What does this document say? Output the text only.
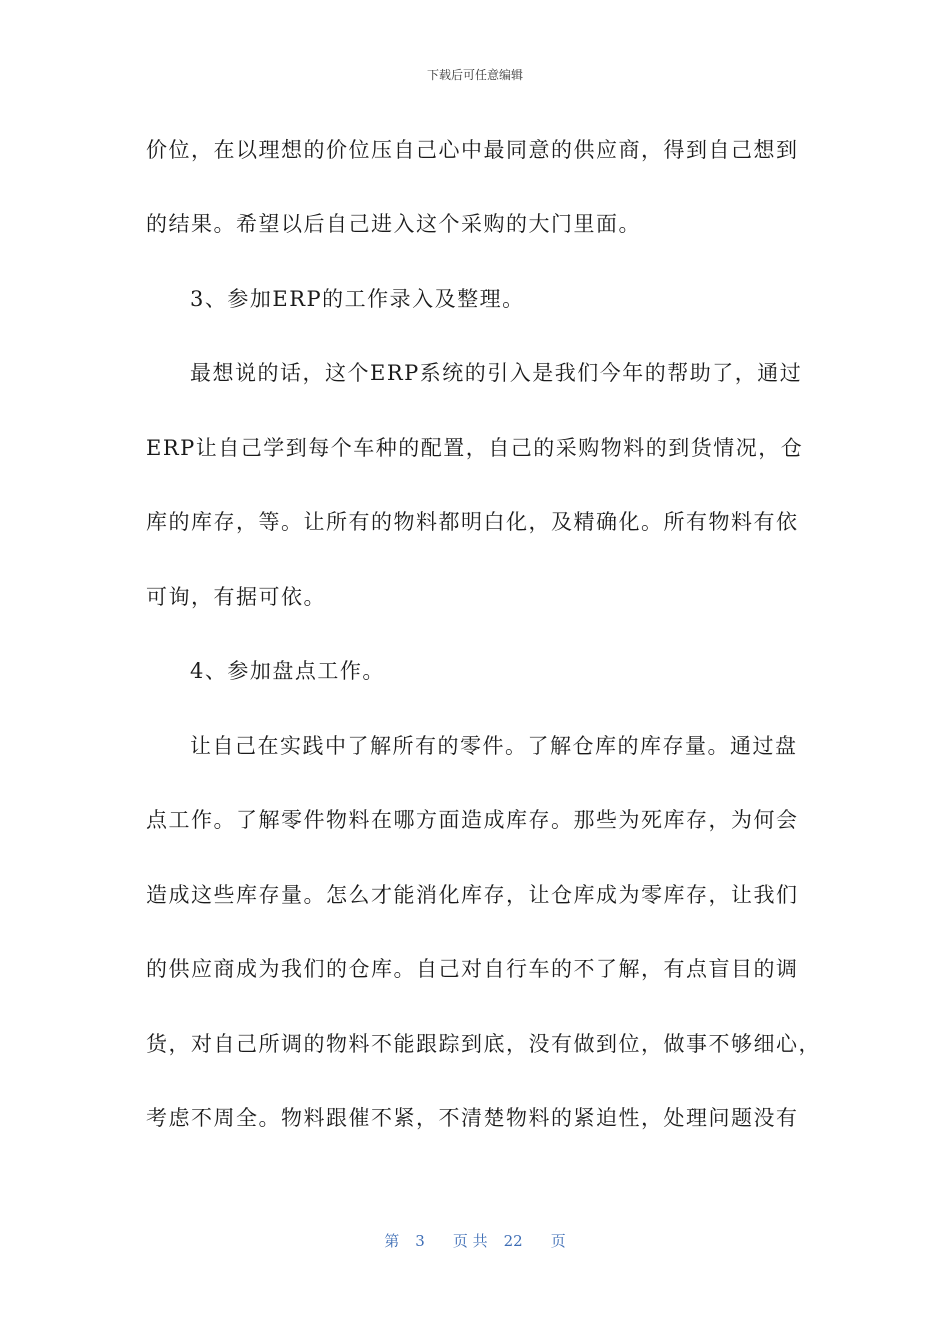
下载后可任意编辑
价位，在以理想的价位压自己心中最同意的供应商，得到自己想到
的结果。希望以后自己进入这个采购的大门里面。
3、参加ERP的工作录入及整理。
最想说的话，这个ERP系统的引入是我们今年的帮助了，通过
ERP让自己学到每个车种的配置，自己的采购物料的到货情况，仓
库的库存，等。让所有的物料都明白化，及精确化。所有物料有依
可询，有据可依。
4、参加盘点工作。
让自己在实践中了解所有的零件。了解仓库的库存量。通过盘
点工作。了解零件物料在哪方面造成库存。那些为死库存，为何会
造成这些库存量。怎么才能消化库存，让仓库成为零库存，让我们
的供应商成为我们的仓库。自己对自行车的不了解，有点盲目的调
货，对自己所调的物料不能跟踪到底，没有做到位，做事不够细心，
考虑不周全。物料跟催不紧，不清楚物料的紧迫性，处理问题没有
第 3 页 共 22 页
